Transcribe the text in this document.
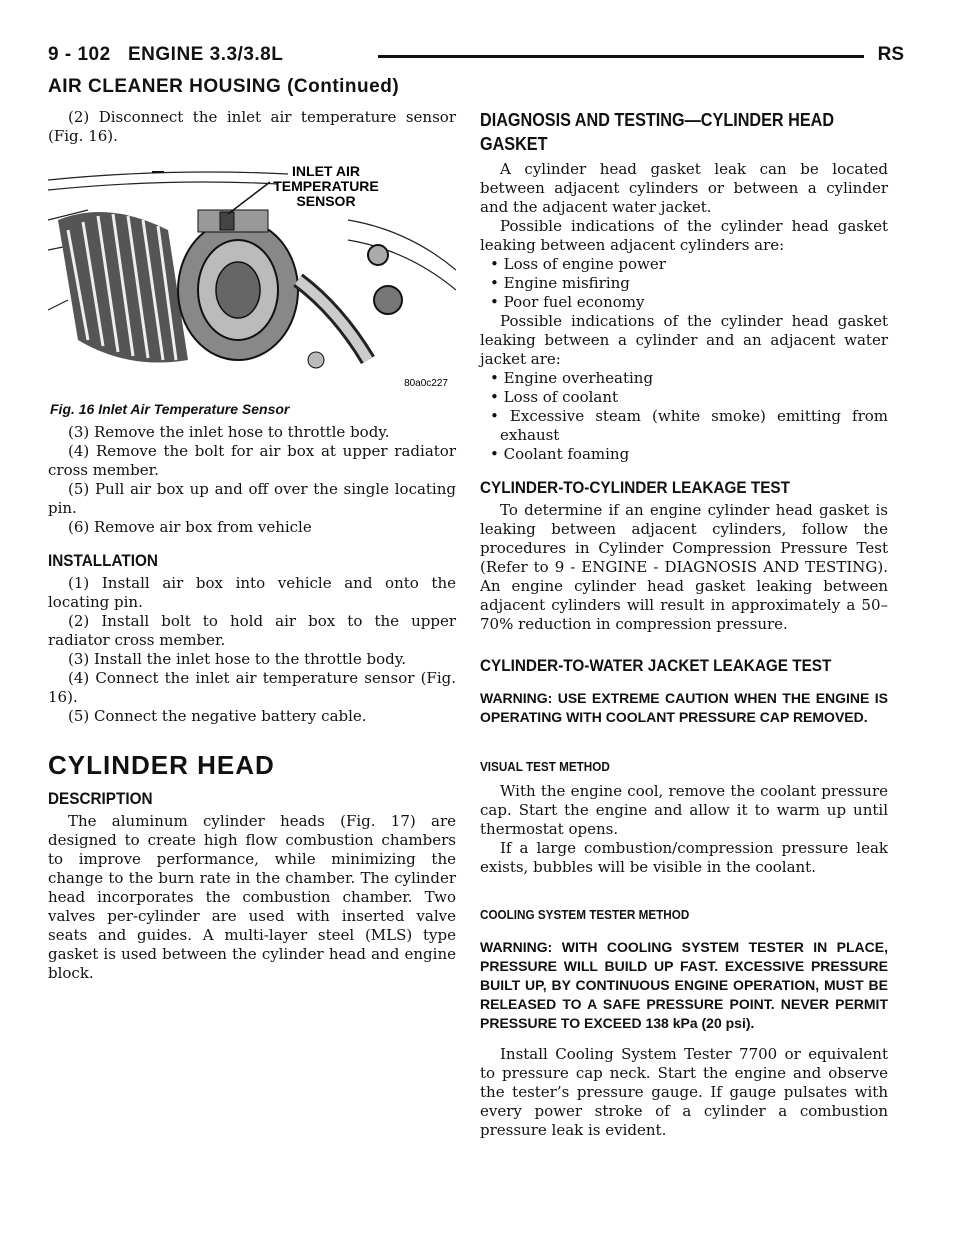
9 - 102 ENGINE 3.3/3.8L	RS
AIR CLEANER HOUSING (Continued)

(2) Disconnect the inlet air temperature sensor (Fig. 16).

INLET AIR TEMPERATURE SENSOR
80a0c227
Fig. 16 Inlet Air Temperature Sensor

(3) Remove the inlet hose to throttle body.

(4) Remove the bolt for air box at upper radiator cross member.

(5) Pull air box up and off over the single locating pin.

(6) Remove air box from vehicle

INSTALLATION

(1) Install air box into vehicle and onto the locating pin.

(2) Install bolt to hold air box to the upper radiator cross member.

(3) Install the inlet hose to the throttle body.

(4) Connect the inlet air temperature sensor (Fig. 16).

(5) Connect the negative battery cable.

CYLINDER HEAD
DESCRIPTION

The aluminum cylinder heads (Fig. 17) are designed to create high flow combustion chambers to improve performance, while minimizing the change to the burn rate in the chamber. The cylinder head incorporates the combustion chamber. Two valves per-cylinder are used with inserted valve seats and guides. A multi-layer steel (MLS) type gasket is used between the cylinder head and engine block.

DIAGNOSIS AND TESTING—CYLINDER HEAD GASKET

A cylinder head gasket leak can be located between adjacent cylinders or between a cylinder and the adjacent water jacket.

Possible indications of the cylinder head gasket leaking between adjacent cylinders are:

• Loss of engine power

• Engine misfiring

• Poor fuel economy

Possible indications of the cylinder head gasket leaking between a cylinder and an adjacent water jacket are:

• Engine overheating

• Loss of coolant

• Excessive steam (white smoke) emitting from exhaust

• Coolant foaming

CYLINDER-TO-CYLINDER LEAKAGE TEST

To determine if an engine cylinder head gasket is leaking between adjacent cylinders, follow the procedures in Cylinder Compression Pressure Test (Refer to 9 - ENGINE - DIAGNOSIS AND TESTING). An engine cylinder head gasket leaking between adjacent cylinders will result in approximately a 50–70% reduction in compression pressure.

CYLINDER-TO-WATER JACKET LEAKAGE TEST

WARNING: USE EXTREME CAUTION WHEN THE ENGINE IS OPERATING WITH COOLANT PRESSURE CAP REMOVED.

VISUAL TEST METHOD

With the engine cool, remove the coolant pressure cap. Start the engine and allow it to warm up until thermostat opens.

If a large combustion/compression pressure leak exists, bubbles will be visible in the coolant.

COOLING SYSTEM TESTER METHOD

WARNING: WITH COOLING SYSTEM TESTER IN PLACE, PRESSURE WILL BUILD UP FAST. EXCESSIVE PRESSURE BUILT UP, BY CONTINUOUS ENGINE OPERATION, MUST BE RELEASED TO A SAFE PRESSURE POINT. NEVER PERMIT PRESSURE TO EXCEED 138 kPa (20 psi).

Install Cooling System Tester 7700 or equivalent to pressure cap neck. Start the engine and observe the tester’s pressure gauge. If gauge pulsates with every power stroke of a cylinder a combustion pressure leak is evident.
